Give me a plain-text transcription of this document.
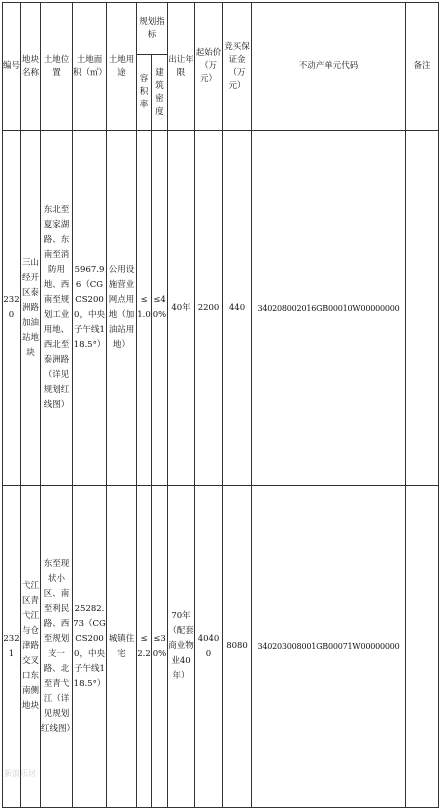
编号	地块名称	土地位置	土地面积（㎡）	土地用途	规划指标		出让年限	起始价（万元）	竞买保证金（万元）	不动产单元代码	备注
					容积率	建筑密度					
2320	三山经开区泰洲路加油站地块	东北至夏家湖路、东南至消防用地、西南至规划工业用地、西北至泰洲路（详见规划红线图）	5967.96（CGCS2000，中央子午线118.5°）	公用设施营业网点用地（加油站用地）	≤1.0	≤40%	40年	2200	440	340208002016GB00010W00000000	
2321	弋江区青弋江与仓津路交叉口东南侧地块	东至现状小区、南至利民路、西至规划支一路、北至青弋江（详见规划红线图）	25282.73（CGCS2000，中央子午线118.5°）	城镇住宅	≤2.2	≤30%	70年（配套商业物业40年）	40400	8080	340203008001GB00071W00000000	
新浪乐居
